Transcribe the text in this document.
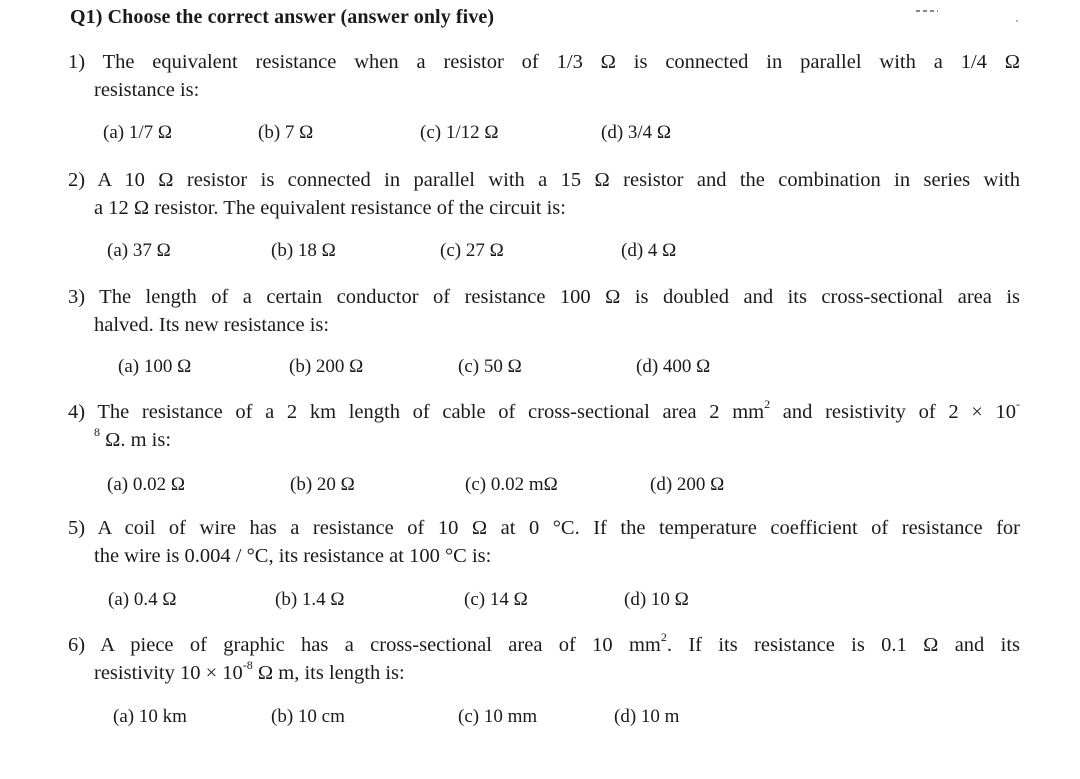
Q1) Choose the correct answer (answer only five)
1) The equivalent resistance when a resistor of 1/3 Ω is connected in parallel with a 1/4 Ω
resistance is:
(a) 1/7 Ω	(b) 7 Ω	(c) 1/12 Ω	(d) 3/4 Ω
2) A 10 Ω resistor is connected in parallel with a 15 Ω resistor and the combination in series with
a 12 Ω resistor. The equivalent resistance of the circuit is:
(a) 37 Ω	(b) 18 Ω	(c) 27 Ω	(d) 4 Ω
3) The length of a certain conductor of resistance 100 Ω is doubled and its cross-sectional area is
halved. Its new resistance is:
(a) 100 Ω	(b) 200 Ω	(c) 50 Ω	(d) 400 Ω
4) The resistance of a 2 km length of cable of cross-sectional area 2 $mm^2$ and resistivity of 2 × 10-
$^8$ Ω. m is:
(a) 0.02 Ω	(b) 20 Ω	(c) 0.02 mΩ	(d) 200 Ω
5) A coil of wire has a resistance of 10 Ω at 0 °C. If the temperature coefficient of resistance for
the wire is 0.004 / °C, its resistance at 100 °C is:
(a) 0.4 Ω	(b) 1.4 Ω	(c) 14 Ω	(d) 10 Ω
6) A piece of graphic has a cross-sectional area of 10 $mm^2$. If its resistance is 0.1 Ω and its
resistivity $10 \times 10^{-8}$ Ω m, its length is:
(a) 10 km	(b) 10 cm	(c) 10 mm	(d) 10 m
